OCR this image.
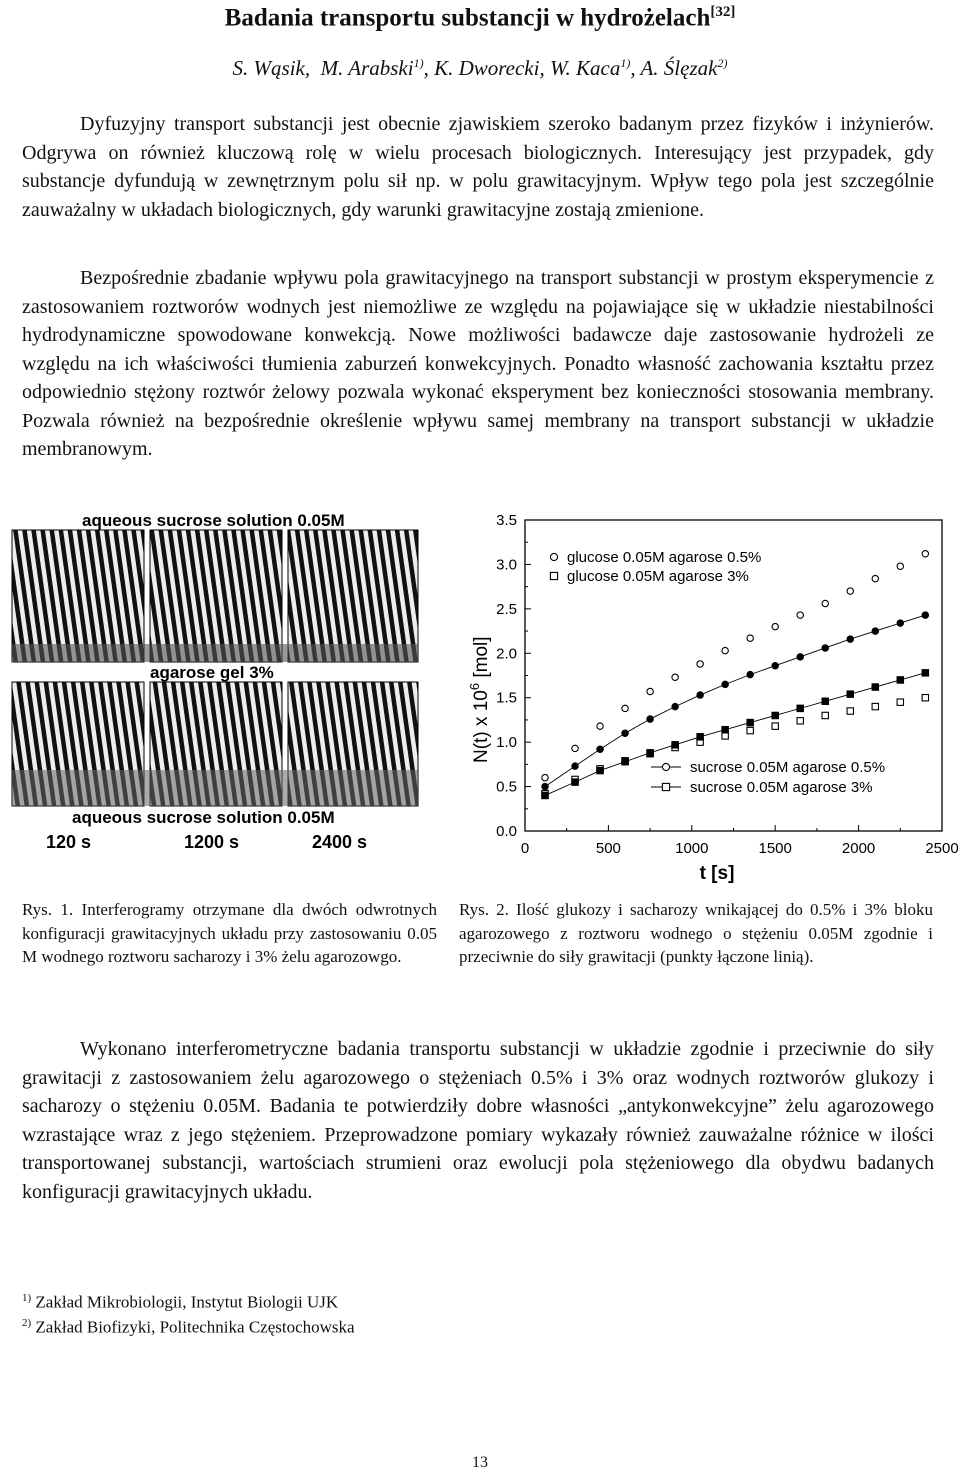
Badania transportu substancji w hydrożelach[32]
S. Wąsik, M. Arabski$^{1)}$, K. Dworecki, W. Kaca$^{1)}$, A. Ślęzak$^{2)}$
Dyfuzyjny transport substancji jest obecnie zjawiskiem szeroko badanym przez fizyków i inżynierów. Odgrywa on również kluczową rolę w wielu procesach biologicznych. Interesujący jest przypadek, gdy substancje dyfundują w zewnętrznym polu sił np. w polu grawitacyjnym. Wpływ tego pola jest szczególnie zauważalny w układach biologicznych, gdy warunki grawitacyjne zostają zmienione.
Bezpośrednie zbadanie wpływu pola grawitacyjnego na transport substancji w prostym eksperymencie z zastosowaniem roztworów wodnych jest niemożliwe ze względu na pojawiające się w układzie niestabilności hydrodynamiczne spowodowane konwekcją. Nowe możliwości badawcze daje zastosowanie hydrożeli ze względu na ich właściwości tłumienia zaburzeń konwekcyjnych. Ponadto własność zachowania kształtu przez odpowiednio stężony roztwór żelowy pozwala wykonać eksperyment bez konieczności stosowania membrany. Pozwala również na bezpośrednie określenie wpływu samej membrany na transport substancji w układzie membranowym.
aqueous sucrose solution 0.05M
agarose gel 3%
aqueous sucrose solution 0.05M
120 s	1200 s	2400 s	0	500	1000	1500	2000	2500
0.0
0.5
1.0
1.5
2.0
2.5
3.0
3.5
glucose 0.05M agarose 0.5%
glucose 0.05M agarose 3%
sucrose 0.05M agarose 0.5%
sucrose 0.05M agarose 3%
N(t) x $10^6$ [mol]
t [s]
Rys. 1. Interferogramy otrzymane dla dwóch odwrotnych konfiguracji grawitacyjnych układu przy zastosowaniu 0.05 M wodnego roztworu sacharozy i 3% żelu agarozowgo.
Rys. 2. Ilość glukozy i sacharozy wnikającej do 0.5% i 3% bloku agarozowego z roztworu wodnego o stężeniu 0.05M zgodnie i przeciwnie do siły grawitacji (punkty łączone linią).
Wykonano interferometryczne badania transportu substancji w układzie zgodnie i przeciwnie do siły grawitacji z zastosowaniem żelu agarozowego o stężeniach 0.5% i 3% oraz wodnych roztworów glukozy i sacharozy o stężeniu 0.05M. Badania te potwierdziły dobre własności „antykonwekcyjne” żelu agarozowego wzrastające wraz z jego stężeniem. Przeprowadzone pomiary wykazały również zauważalne różnice w ilości transportowanej substancji, wartościach strumieni oraz ewolucji pola stężeniowego dla obydwu badanych konfiguracji grawitacyjnych układu.
$^{1)}$ Zakład Mikrobiologii, Instytut Biologii UJK
$^{2)}$ Zakład Biofizyki, Politechnika Częstochowska
13
